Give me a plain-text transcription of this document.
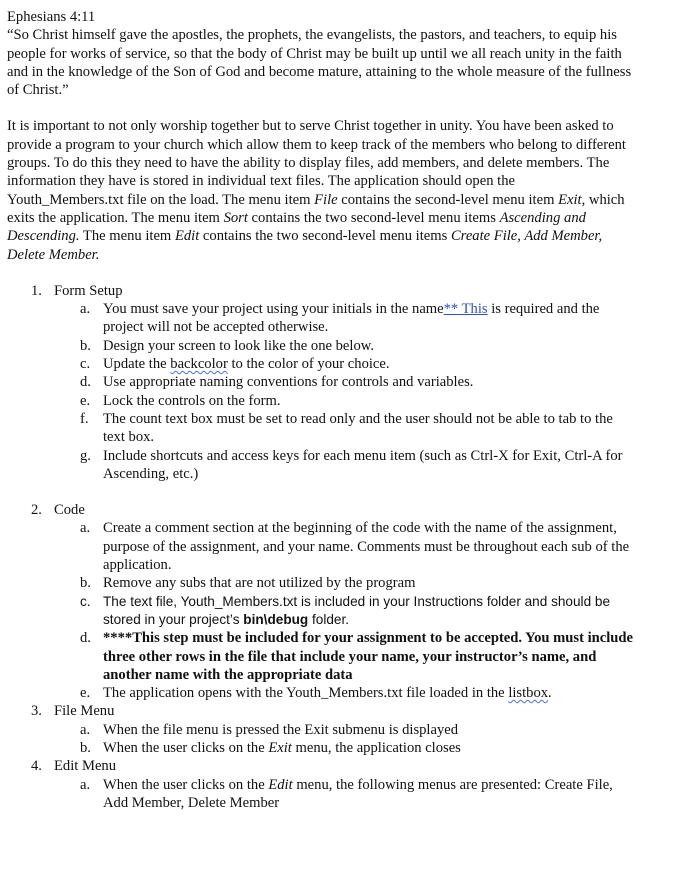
Ephesians 4:11

“So Christ himself gave the apostles, the prophets, the evangelists, the pastors, and teachers, to equip his people for works of service, so that the body of Christ may be built up until we all reach unity in the faith and in the knowledge of the Son of God and become mature, attaining to the whole measure of the fullness of Christ.”

It is important to not only worship together but to serve Christ together in unity. You have been asked to provide a program to your church which allow them to keep track of the members who belong to different groups. To do this they need to have the ability to display files, add members, and delete members. The information they have is stored in individual text files. The application should open the Youth_Members.txt file on the load. The menu item File contains the second-level menu item Exit, which exits the application. The menu item Sort contains the two second-level menu items Ascending and Descending. The menu item Edit contains the two second-level menu items Create File, Add Member, Delete Member.

1. Form Setup

a. You must save your project using your initials in the name** This is required and the project will not be accepted otherwise.

b. Design your screen to look like the one below.

c. Update the backcolor to the color of your choice.

d. Use appropriate naming conventions for controls and variables.

e. Lock the controls on the form.

f. The count text box must be set to read only and the user should not be able to tab to the text box.

g. Include shortcuts and access keys for each menu item (such as Ctrl-X for Exit, Ctrl-A for Ascending, etc.)

2. Code

a. Create a comment section at the beginning of the code with the name of the assignment, purpose of the assignment, and your name. Comments must be throughout each sub of the application.

b. Remove any subs that are not utilized by the program

c. The text file, Youth_Members.txt is included in your Instructions folder and should be stored in your project’s bin\debug folder.

d. ****This step must be included for your assignment to be accepted. You must include three other rows in the file that include your name, your instructor’s name, and another name with the appropriate data

e. The application opens with the Youth_Members.txt file loaded in the listbox.

3. File Menu

a. When the file menu is pressed the Exit submenu is displayed

b. When the user clicks on the Exit menu, the application closes

4. Edit Menu

a. When the user clicks on the Edit menu, the following menus are presented: Create File, Add Member, Delete Member
